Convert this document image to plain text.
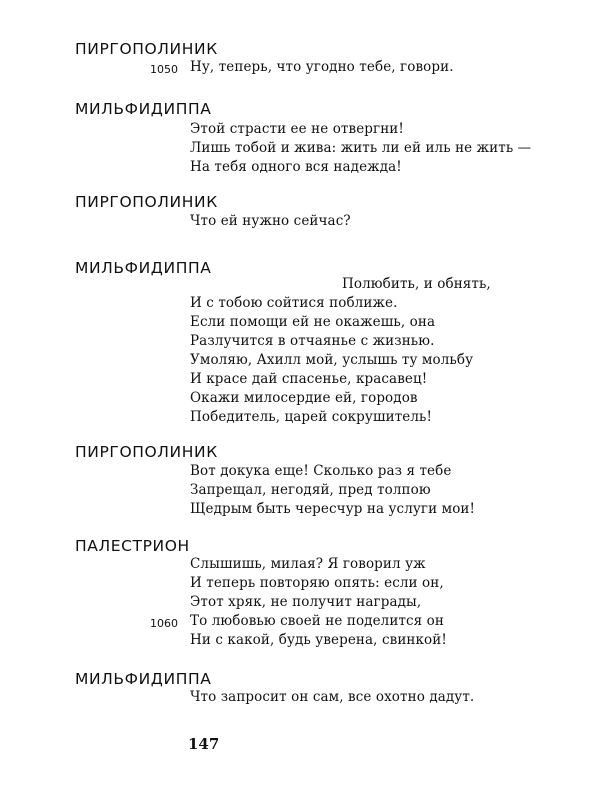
ПИРГОПОЛИНИК
1050 Ну, теперь, что угодно тебе, говори.
МИЛЬФИДИППА
Этой страсти ее не отвергни!
Лишь тобой и жива: жить ли ей иль не жить —
На тебя одного вся надежда!
ПИРГОПОЛИНИК
Что ей нужно сейчас?
МИЛЬФИДИППА
Полюбить, и обнять,
И с тобою сойтися поближе.
Если помощи ей не окажешь, она
Разлучится в отчаянье с жизнью.
Умоляю, Ахилл мой, услышь ту мольбу
И красе дай спасенье, красавец!
Окажи милосердие ей, городов
Победитель, царей сокрушитель!
ПИРГОПОЛИНИК
Вот докука еще! Сколько раз я тебе
Запрещал, негодяй, пред толпою
Щедрым быть чересчур на услуги мои!
ПАЛЕСТРИОН
Слышишь, милая? Я говорил уж
И теперь повторяю опять: если он,
Этот хряк, не получит награды,
1060 То любовью своей не поделится он
Ни с какой, будь уверена, свинкой!
МИЛЬФИДИППА
Что запросит он сам, все охотно дадут.
147
